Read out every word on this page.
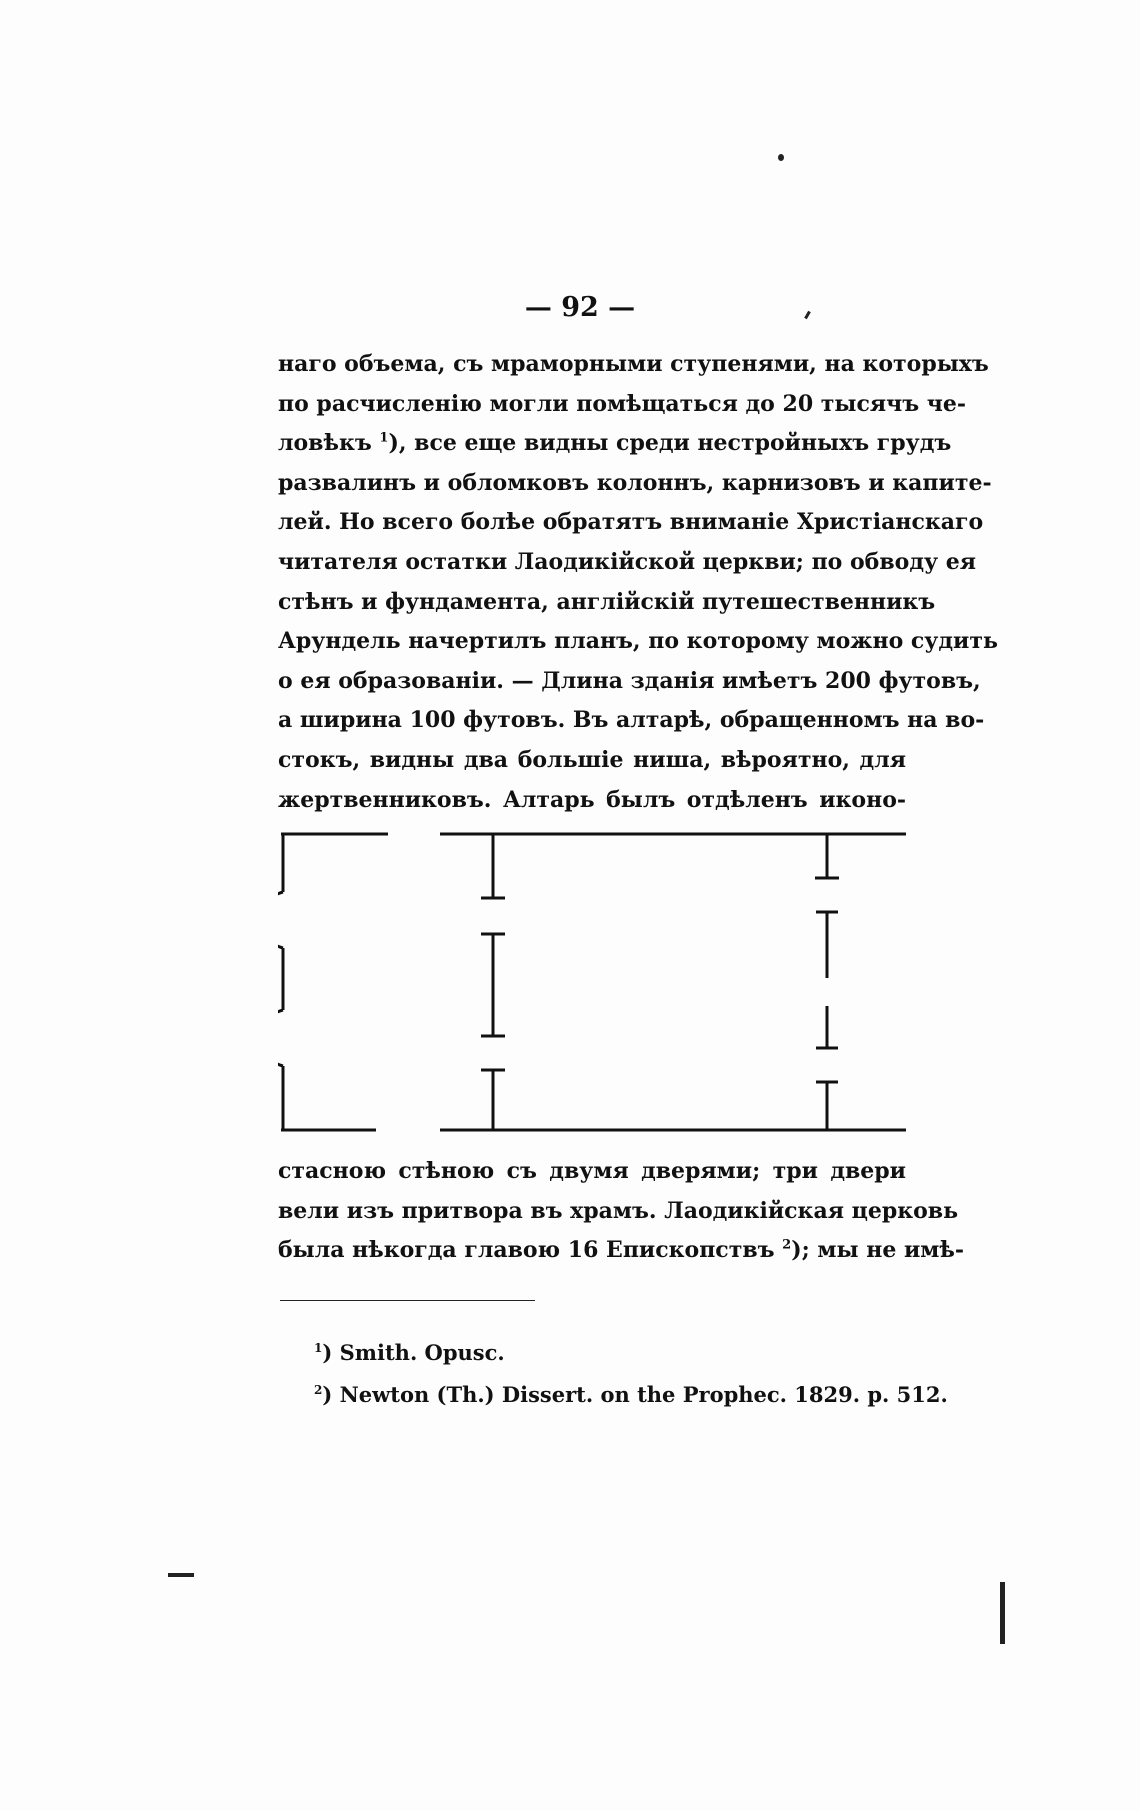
— 92 —
наго объема, съ мраморными ступенями, на которыхъ
по расчисленію могли помѣщаться до 20 тысячъ че-
ловѣкъ $^1$), все еще видны среди нестройныхъ грудъ
развалинъ и обломковъ колоннъ, карнизовъ и капите-
лей. Но всего болѣе обратятъ вниманіе Христіанскаго
читателя остатки Лаодикійской церкви; по обводу ея
стѣнъ и фундамента, англійскій путешественникъ
Арундель начертилъ планъ, по которому можно судить
о ея образованіи. — Длина зданія имѣетъ 200 футовъ,
а ширина 100 футовъ. Въ алтарѣ, обращенномъ на во-
стокъ, видны два большіе ниша, вѣроятно, для
жертвенниковъ. Алтарь былъ отдѣленъ иконо-
стасною стѣною съ двумя дверями; три двери
вели изъ притвора въ храмъ. Лаодикійская церковь
была нѣкогда главою 16 Епископствъ $^2$); мы не имѣ-
$^1$) Smith. Opusc.
$^2$) Newton (Th.) Dissert. on the Prophec. 1829. p. 512.
